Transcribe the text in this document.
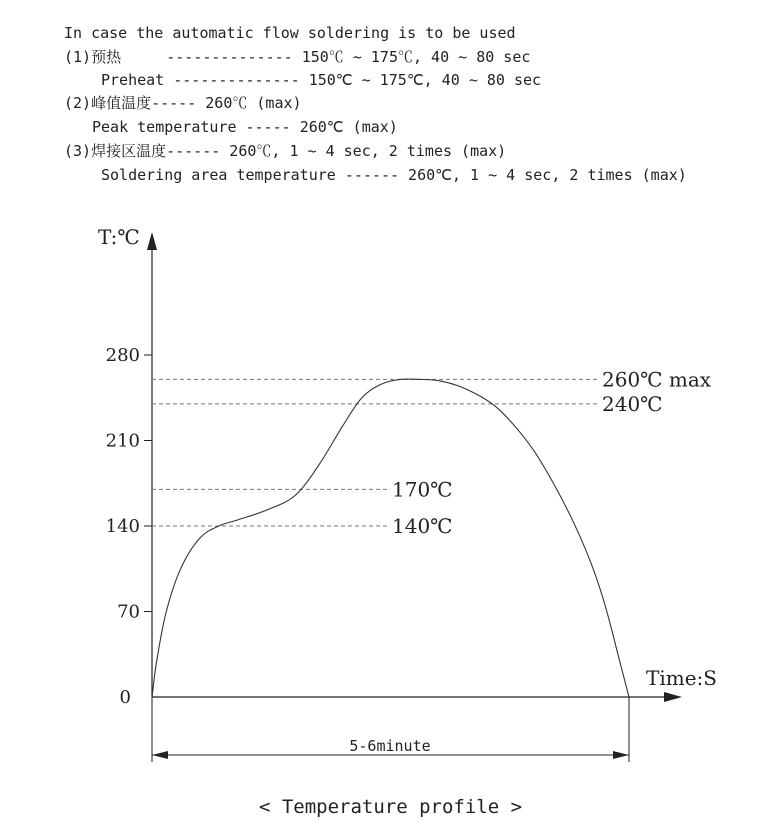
In case the automatic flow soldering is to be used
(1)预热     -------------- 150℃ ~ 175℃, 40 ~ 80 sec
Preheat -------------- 150℃ ~ 175℃, 40 ~ 80 sec
(2)峰值温度----- 260℃ (max)
Peak temperature ----- 260℃ (max)
(3)焊接区温度------ 260℃, 1 ~ 4 sec, 2 times (max)
Soldering area temperature ------ 260℃, 1 ~ 4 sec, 2 times (max)
T:℃
Time:S
0
70
140
210
280
260℃ max
240℃
170℃
140℃
5-6minute
< Temperature profile >
